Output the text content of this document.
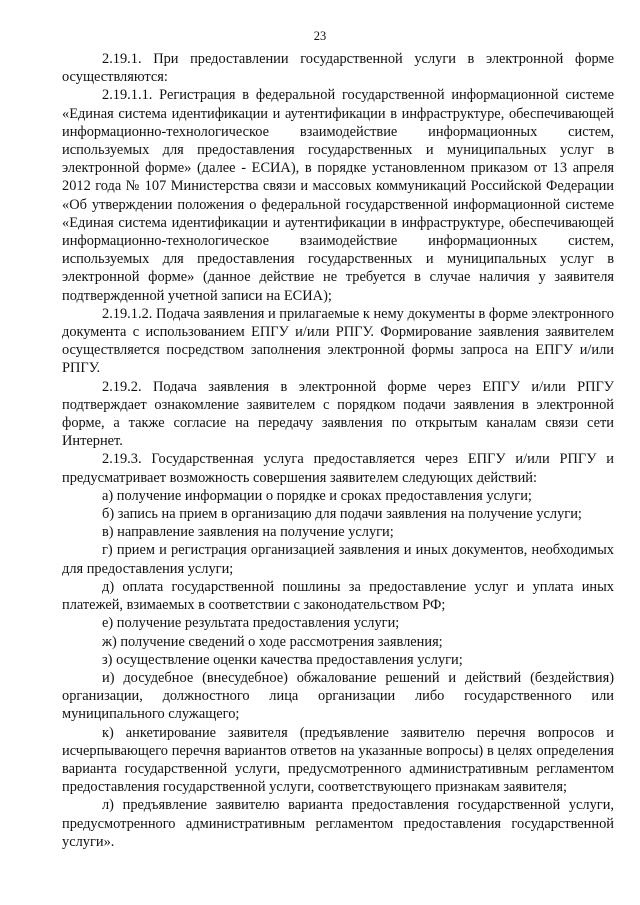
23

2.19.1. При предоставлении государственной услуги в электронной форме осуществляются:

2.19.1.1. Регистрация в федеральной государственной информационной системе «Единая система идентификации и аутентификации в инфраструктуре, обеспечивающей информационно-технологическое взаимодействие информационных систем, используемых для предоставления государственных и муниципальных услуг в электронной форме» (далее - ЕСИА), в порядке установленном приказом от 13 апреля 2012 года № 107 Министерства связи и массовых коммуникаций Российской Федерации «Об утверждении положения о федеральной государственной информационной системе «Единая система идентификации и аутентификации в инфраструктуре, обеспечивающей информационно-технологическое взаимодействие информационных систем, используемых для предоставления государственных и муниципальных услуг в электронной форме» (данное действие не требуется в случае наличия у заявителя подтвержденной учетной записи на ЕСИА);

2.19.1.2. Подача заявления и прилагаемые к нему документы в форме электронного документа с использованием ЕПГУ и/или РПГУ. Формирование заявления заявителем осуществляется посредством заполнения электронной формы запроса на ЕПГУ и/или РПГУ.

2.19.2. Подача заявления в электронной форме через ЕПГУ и/или РПГУ подтверждает ознакомление заявителем с порядком подачи заявления в электронной форме, а также согласие на передачу заявления по открытым каналам связи сети Интернет.

2.19.3. Государственная услуга предоставляется через ЕПГУ и/или РПГУ и предусматривает возможность совершения заявителем следующих действий:

а) получение информации о порядке и сроках предоставления услуги;

б) запись на прием в организацию для подачи заявления на получение услуги;

в) направление заявления на получение услуги;

г) прием и регистрация организацией заявления и иных документов, необходимых для предоставления услуги;

д) оплата государственной пошлины за предоставление услуг и уплата иных платежей, взимаемых в соответствии с законодательством РФ;

е) получение результата предоставления услуги;

ж) получение сведений о ходе рассмотрения заявления;

з) осуществление оценки качества предоставления услуги;

и) досудебное (внесудебное) обжалование решений и действий (бездействия) организации, должностного лица организации либо государственного или муниципального служащего;

к) анкетирование заявителя (предъявление заявителю перечня вопросов и исчерпывающего перечня вариантов ответов на указанные вопросы) в целях определения варианта государственной услуги, предусмотренного административным регламентом предоставления государственной услуги, соответствующего признакам заявителя;

л) предъявление заявителю варианта предоставления государственной услуги, предусмотренного административным регламентом предоставления государственной услуги».
